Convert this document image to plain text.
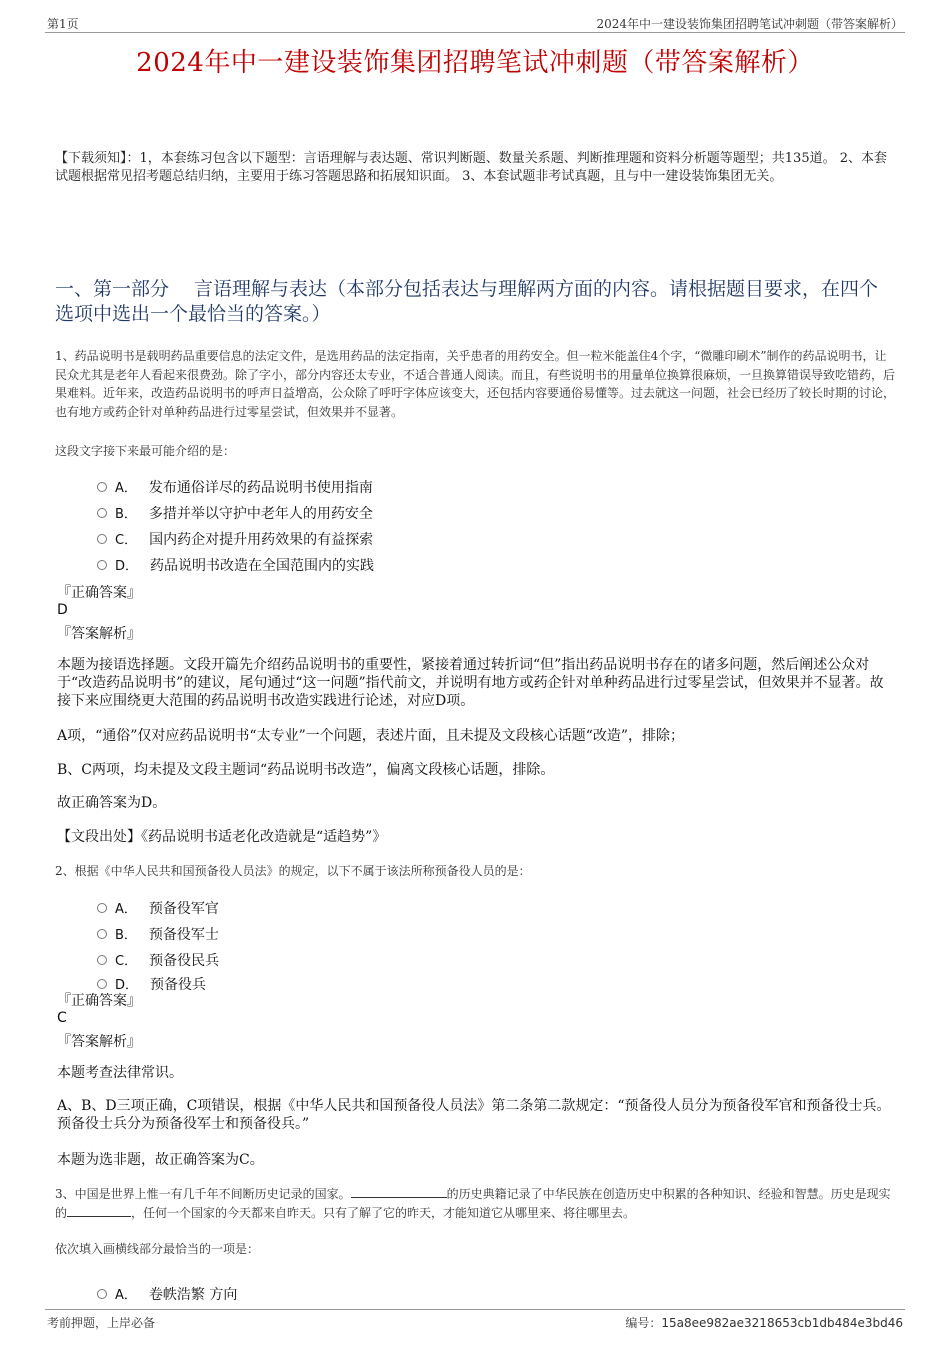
第1页	2024年中一建设装饰集团招聘笔试冲刺题（带答案解析）
2024年中一建设装饰集团招聘笔试冲刺题（带答案解析）
【下载须知】：1，本套练习包含以下题型：言语理解与表达题、常识判断题、数量关系题、判断推理题和资料分析题等题型；共135道。 2、本套试题根据常见招考题总结归纳，主要用于练习答题思路和拓展知识面。 3、本套试题非考试真题，且与中一建设装饰集团无关。
一、第一部分　 言语理解与表达（本部分包括表达与理解两方面的内容。请根据题目要求，在四个选项中选出一个最恰当的答案。）
1、药品说明书是载明药品重要信息的法定文件，是选用药品的法定指南，关乎患者的用药安全。但一粒米能盖住4个字，“微雕印刷术”制作的药品说明书，让民众尤其是老年人看起来很费劲。除了字小，部分内容还太专业，不适合普通人阅读。而且，有些说明书的用量单位换算很麻烦，一旦换算错误导致吃错药，后果难料。近年来，改造药品说明书的呼声日益增高，公众除了呼吁字体应该变大，还包括内容要通俗易懂等。过去就这一问题，社会已经历了较长时期的讨论，也有地方或药企针对单种药品进行过零星尝试，但效果并不显著。
这段文字接下来最可能介绍的是：
A． 发布通俗详尽的药品说明书使用指南
B． 多措并举以守护中老年人的用药安全
C． 国内药企对提升用药效果的有益探索
D． 药品说明书改造在全国范围内的实践
『正确答案』
D
『答案解析』
本题为接语选择题。文段开篇先介绍药品说明书的重要性，紧接着通过转折词“但”指出药品说明书存在的诸多问题，然后阐述公众对于“改造药品说明书”的建议，尾句通过“这一问题”指代前文，并说明有地方或药企针对单种药品进行过零星尝试，但效果并不显著。故接下来应围绕更大范围的药品说明书改造实践进行论述，对应D项。
A项，“通俗”仅对应药品说明书“太专业”一个问题，表述片面，且未提及文段核心话题“改造”，排除；
B、C两项，均未提及文段主题词“药品说明书改造”，偏离文段核心话题，排除。
故正确答案为D。
【文段出处】《药品说明书适老化改造就是“适趋势”》
2、根据《中华人民共和国预备役人员法》的规定，以下不属于该法所称预备役人员的是：
A． 预备役军官
B． 预备役军士
C． 预备役民兵
D． 预备役兵
『正确答案』
C
『答案解析』
本题考查法律常识。
A、B、D三项正确，C项错误，根据《中华人民共和国预备役人员法》第二条第二款规定：“预备役人员分为预备役军官和预备役士兵。预备役士兵分为预备役军士和预备役兵。”
本题为选非题，故正确答案为C。
3、中国是世界上惟一有几千年不间断历史记录的国家。	的历史典籍记录了中华民族在创造历史中积累的各种知识、经验和智慧。历史是现实的	，任何一个国家的今天都来自昨天。只有了解了它的昨天，才能知道它从哪里来、将往哪里去。
依次填入画横线部分最恰当的一项是：
A． 卷帙浩繁 方向
考前押题，上岸必备	编号：15a8ee982ae3218653cb1db484e3bd46
